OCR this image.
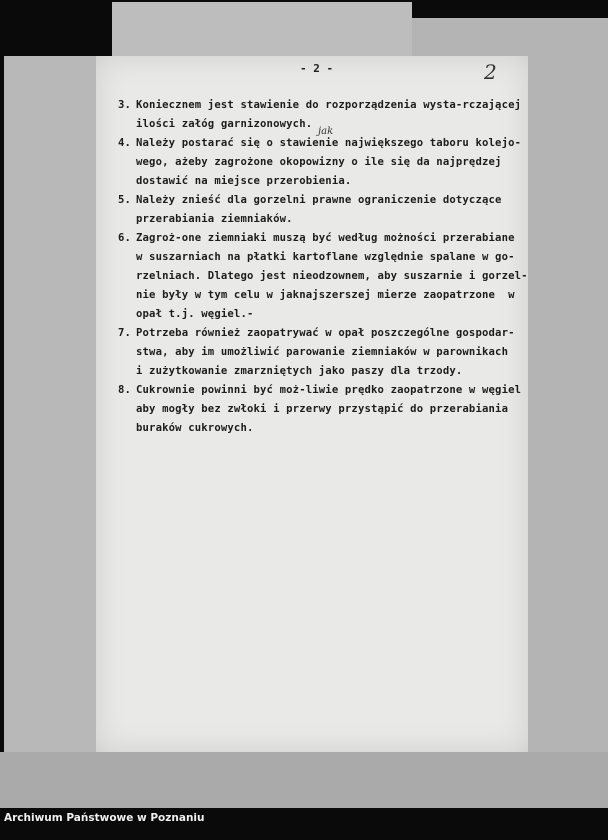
- 2 -	2
jak
3. Koniecznem jest stawienie do rozporządzenia wysta-rczającej
ilości załóg garnizonowych.
4. Należy postarać się o stawienie największego taboru kolejo-
wego, ażeby zagrożone okopowizny o ile się da najprędzej
dostawić na miejsce przerobienia.
5. Należy znieść dla gorzelni prawne ograniczenie dotyczące
przerabiania ziemniaków.
6. Zagroż-one ziemniaki muszą być według możności przerabiane
w suszarniach na płatki kartoflane względnie spalane w go-
rzelniach. Dlatego jest nieodzownem, aby suszarnie i gorzel-
nie były w tym celu w jaknajszerszej mierze zaopatrzone  w
opał t.j. węgiel.-
7. Potrzeba również zaopatrywać w opał poszczególne gospodar-
stwa, aby im umożliwić parowanie ziemniaków w parownikach
i zużytkowanie zmarzniętych jako paszy dla trzody.
8. Cukrownie powinni być moż-liwie prędko zaopatrzone w węgiel
aby mogły bez zwłoki i przerwy przystąpić do przerabiania
buraków cukrowych.
Archiwum Państwowe w Poznaniu
